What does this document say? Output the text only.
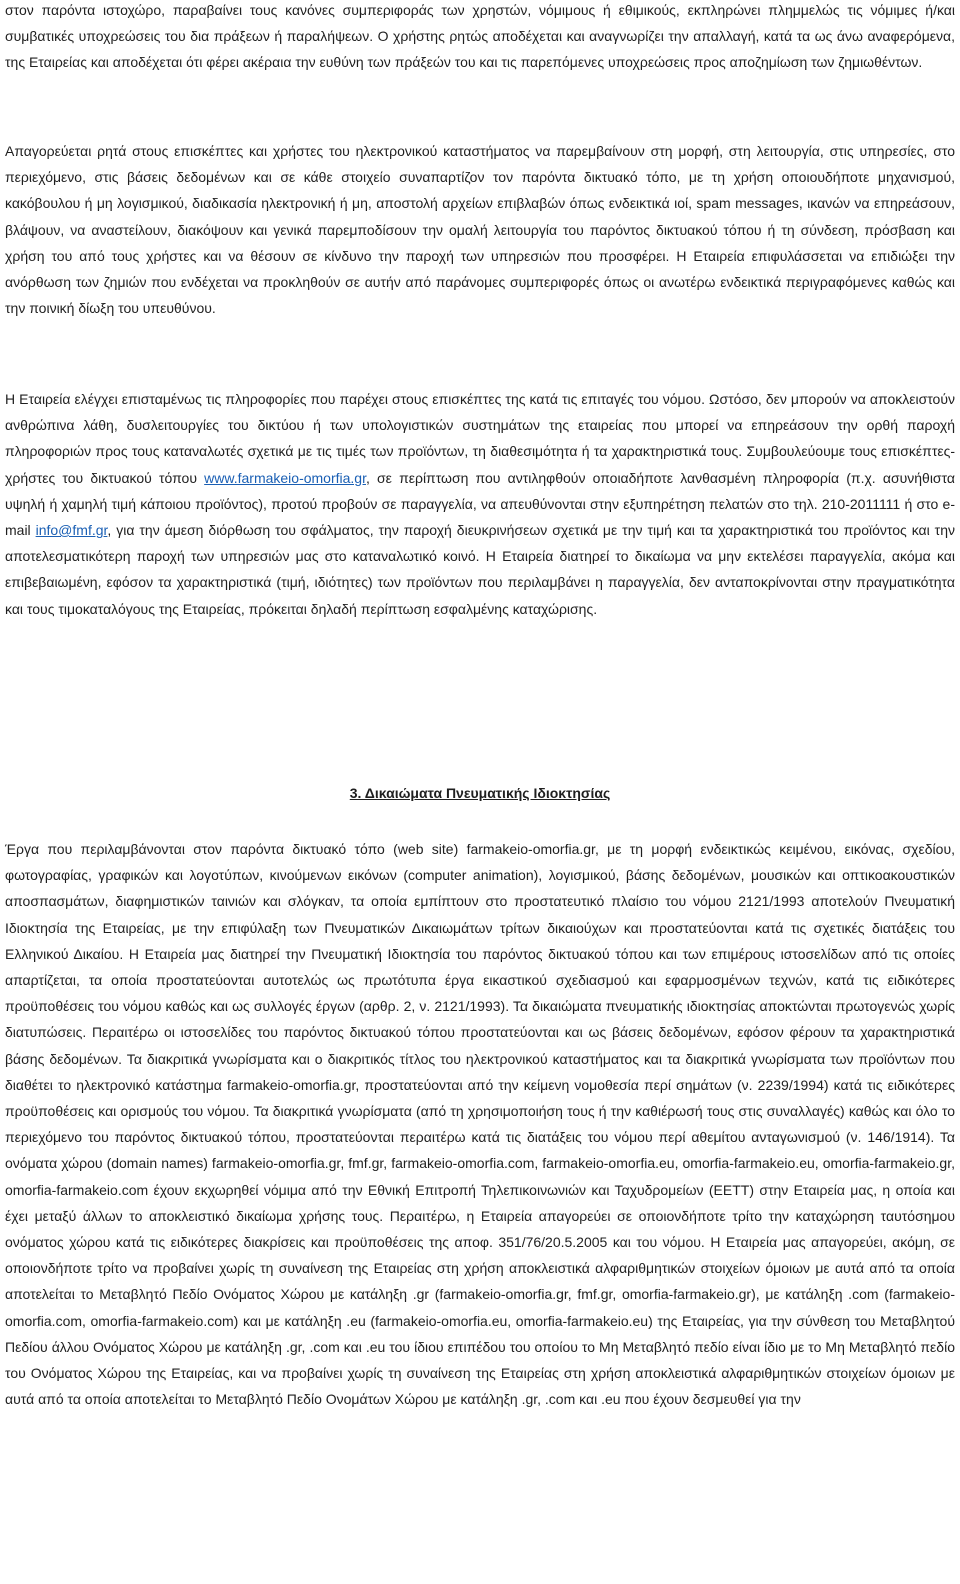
στον παρόντα ιστοχώρο, παραβαίνει τους κανόνες συμπεριφοράς των χρηστών, νόμιμους ή εθιμικούς, εκπληρώνει πλημμελώς τις νόμιμες ή/και συμβατικές υποχρεώσεις του δια πράξεων ή παραλήψεων. Ο χρήστης ρητώς αποδέχεται και αναγνωρίζει την απαλλαγή, κατά τα ως άνω αναφερόμενα, της Εταιρείας και αποδέχεται ότι φέρει ακέραια την ευθύνη των πράξεών του και τις παρεπόμενες υποχρεώσεις προς αποζημίωση των ζημιωθέντων.

Απαγορεύεται ρητά στους επισκέπτες και χρήστες του ηλεκτρονικού καταστήματος να παρεμβαίνουν στη μορφή, στη λειτουργία, στις υπηρεσίες, στο περιεχόμενο, στις βάσεις δεδομένων και σε κάθε στοιχείο συναπαρτίζον τον παρόντα δικτυακό τόπο, με τη χρήση οποιουδήποτε μηχανισμού, κακόβουλου ή μη λογισμικού, διαδικασία ηλεκτρονική ή μη, αποστολή αρχείων επιβλαβών όπως ενδεικτικά ιοί, spam messages, ικανών να επηρεάσουν, βλάψουν, να αναστείλουν, διακόψουν και γενικά παρεμποδίσουν την ομαλή λειτουργία του παρόντος δικτυακού τόπου ή τη σύνδεση, πρόσβαση και χρήση του από τους χρήστες και να θέσουν σε κίνδυνο την παροχή των υπηρεσιών που προσφέρει. Η Εταιρεία επιφυλάσσεται να επιδιώξει την ανόρθωση των ζημιών που ενδέχεται να προκληθούν σε αυτήν από παράνομες συμπεριφορές όπως οι ανωτέρω ενδεικτικά περιγραφόμενες καθώς και την ποινική δίωξη του υπευθύνου.

Η Εταιρεία ελέγχει επισταμένως τις πληροφορίες που παρέχει στους επισκέπτες της κατά τις επιταγές του νόμου. Ωστόσο, δεν μπορούν να αποκλειστούν ανθρώπινα λάθη, δυσλειτουργίες του δικτύου ή των υπολογιστικών συστημάτων της εταιρείας που μπορεί να επηρεάσουν την ορθή παροχή πληροφοριών προς τους καταναλωτές σχετικά με τις τιμές των προϊόντων, τη διαθεσιμότητα ή τα χαρακτηριστικά τους. Συμβουλεύουμε τους επισκέπτες-χρήστες του δικτυακού τόπου www.farmakeio-omorfia.gr, σε περίπτωση που αντιληφθούν οποιαδήποτε λανθασμένη πληροφορία (π.χ. ασυνήθιστα υψηλή ή χαμηλή τιμή κάποιου προϊόντος), προτού προβούν σε παραγγελία, να απευθύνονται στην εξυπηρέτηση πελατών στο τηλ. 210-2011111 ή στο e-mail info@fmf.gr, για την άμεση διόρθωση του σφάλματος, την παροχή διευκρινήσεων σχετικά με την τιμή και τα χαρακτηριστικά του προϊόντος και την αποτελεσματικότερη παροχή των υπηρεσιών μας στο καταναλωτικό κοινό. Η Εταιρεία διατηρεί το δικαίωμα να μην εκτελέσει παραγγελία, ακόμα και επιβεβαιωμένη, εφόσον τα χαρακτηριστικά (τιμή, ιδιότητες) των προϊόντων που περιλαμβάνει η παραγγελία, δεν ανταποκρίνονται στην πραγματικότητα και τους τιμοκαταλόγους της Εταιρείας, πρόκειται δηλαδή περίπτωση εσφαλμένης καταχώρισης.

3. Δικαιώματα Πνευματικής Ιδιοκτησίας

Έργα που περιλαμβάνονται στον παρόντα δικτυακό τόπο (web site) farmakeio-omorfia.gr, με τη μορφή ενδεικτικώς κειμένου, εικόνας, σχεδίου, φωτογραφίας, γραφικών και λογοτύπων, κινούμενων εικόνων (computer animation), λογισμικού, βάσης δεδομένων, μουσικών και οπτικοακουστικών αποσπασμάτων, διαφημιστικών ταινιών και σλόγκαν, τα οποία εμπίπτουν στο προστατευτικό πλαίσιο του νόμου 2121/1993 αποτελούν Πνευματική Ιδιοκτησία της Εταιρείας, με την επιφύλαξη των Πνευματικών Δικαιωμάτων τρίτων δικαιούχων και προστατεύονται κατά τις σχετικές διατάξεις του Ελληνικού Δικαίου. Η Εταιρεία μας διατηρεί την Πνευματική Ιδιοκτησία του παρόντος δικτυακού τόπου και των επιμέρους ιστοσελίδων από τις οποίες απαρτίζεται, τα οποία προστατεύονται αυτοτελώς ως πρωτότυπα έργα εικαστικού σχεδιασμού και εφαρμοσμένων τεχνών, κατά τις ειδικότερες προϋποθέσεις του νόμου καθώς και ως συλλογές έργων (αρθρ. 2, ν. 2121/1993). Τα δικαιώματα πνευματικής ιδιοκτησίας αποκτώνται πρωτογενώς χωρίς διατυπώσεις. Περαιτέρω οι ιστοσελίδες του παρόντος δικτυακού τόπου προστατεύονται και ως βάσεις δεδομένων, εφόσον φέρουν τα χαρακτηριστικά βάσης δεδομένων. Τα διακριτικά γνωρίσματα και ο διακριτικός τίτλος του ηλεκτρονικού καταστήματος και τα διακριτικά γνωρίσματα των προϊόντων που διαθέτει το ηλεκτρονικό κατάστημα farmakeio-omorfia.gr, προστατεύονται από την κείμενη νομοθεσία περί σημάτων (ν. 2239/1994) κατά τις ειδικότερες προϋποθέσεις και ορισμούς του νόμου. Τα διακριτικά γνωρίσματα (από τη χρησιμοποιήση τους ή την καθιέρωσή τους στις συναλλαγές) καθώς και όλο το περιεχόμενο του παρόντος δικτυακού τόπου, προστατεύονται περαιτέρω κατά τις διατάξεις του νόμου περί αθεμίτου ανταγωνισμού (ν. 146/1914). Τα ονόματα χώρου (domain names) farmakeio-omorfia.gr, fmf.gr, farmakeio-omorfia.com, farmakeio-omorfia.eu, omorfia-farmakeio.eu, omorfia-farmakeio.gr, omorfia-farmakeio.com έχουν εκχωρηθεί νόμιμα από την Εθνική Επιτροπή Τηλεπικοινωνιών και Ταχυδρομείων (ΕΕΤΤ) στην Εταιρεία μας, η οποία και έχει μεταξύ άλλων το αποκλειστικό δικαίωμα χρήσης τους. Περαιτέρω, η Εταιρεία απαγορεύει σε οποιονδήποτε τρίτο την καταχώρηση ταυτόσημου ονόματος χώρου κατά τις ειδικότερες διακρίσεις και προϋποθέσεις της αποφ. 351/76/20.5.2005 και του νόμου. Η Εταιρεία μας απαγορεύει, ακόμη, σε οποιονδήποτε τρίτο να προβαίνει χωρίς τη συναίνεση της Εταιρείας στη χρήση αποκλειστικά αλφαριθμητικών στοιχείων όμοιων με αυτά από τα οποία αποτελείται το Μεταβλητό Πεδίο Ονόματος Χώρου με κατάληξη .gr (farmakeio-omorfia.gr, fmf.gr, omorfia-farmakeio.gr), με κατάληξη .com (farmakeio-omorfia.com, omorfia-farmakeio.com) και με κατάληξη .eu (farmakeio-omorfia.eu, omorfia-farmakeio.eu) της Εταιρείας, για την σύνθεση του Μεταβλητού Πεδίου άλλου Ονόματος Χώρου με κατάληξη .gr, .com και .eu του ίδιου επιπέδου του οποίου το Μη Μεταβλητό πεδίο είναι ίδιο με το Μη Μεταβλητό πεδίο του Ονόματος Χώρου της Εταιρείας, και να προβαίνει χωρίς τη συναίνεση της Εταιρείας στη χρήση αποκλειστικά αλφαριθμητικών στοιχείων όμοιων με αυτά από τα οποία αποτελείται το Μεταβλητό Πεδίο Ονομάτων Χώρου με κατάληξη .gr, .com και .eu που έχουν δεσμευθεί για την
